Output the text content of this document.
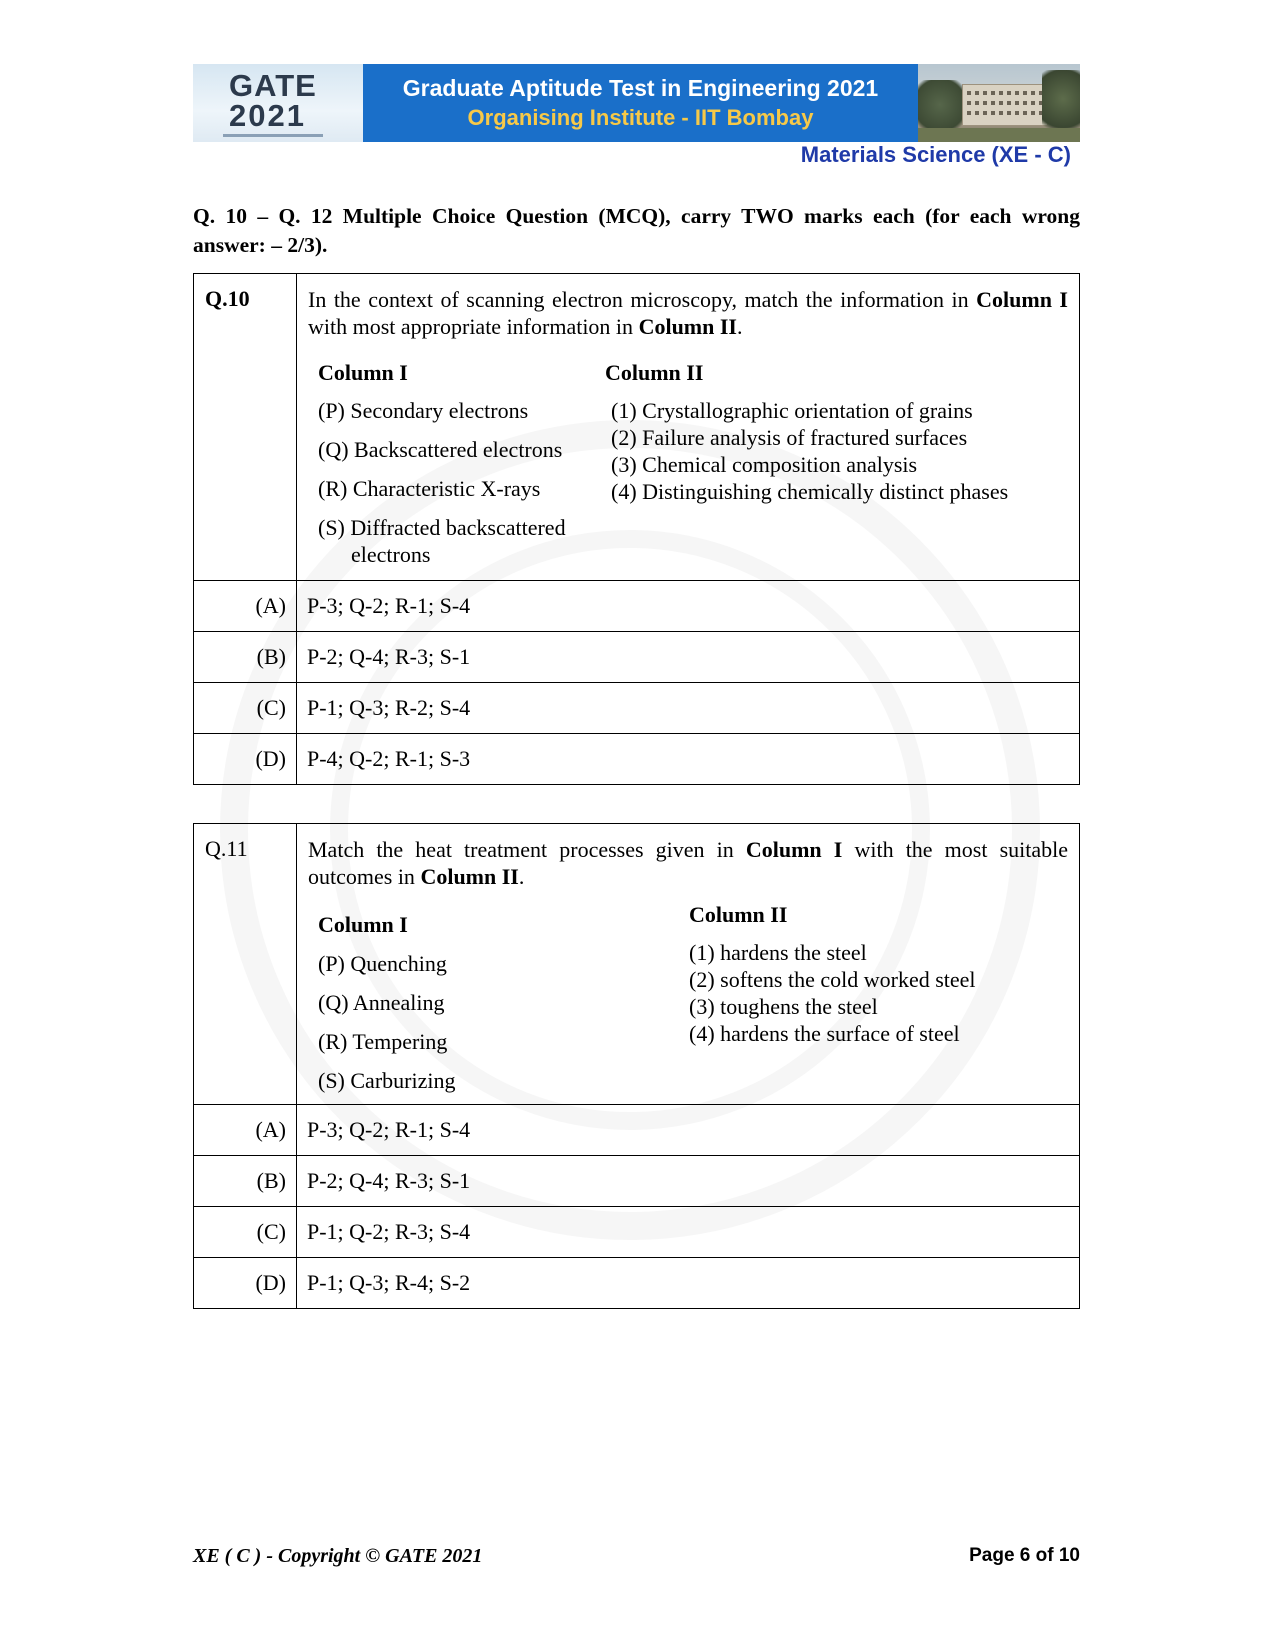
GATE
2021
Graduate Aptitude Test in Engineering 2021
Organising Institute - IIT Bombay
Materials Science (XE - C)
Q. 10 – Q. 12 Multiple Choice Question (MCQ), carry TWO marks each (for each wrong answer: – 2/3).
Q.10	In the context of scanning electron microscopy, match the information in Column I with most appropriate information in Column II.
Column I	Column II
(P) Secondary electrons
(Q) Backscattered electrons
(R) Characteristic X-rays
(S) Diffracted backscattered
electrons
(1) Crystallographic orientation of grains
(2) Failure analysis of fractured surfaces
(3) Chemical composition analysis
(4) Distinguishing chemically distinct phases
(A) P-3; Q-2; R-1; S-4
(B) P-2; Q-4; R-3; S-1
(C) P-1; Q-3; R-2; S-4
(D) P-4; Q-2; R-1; S-3
Q.11	Match the heat treatment processes given in Column I with the most suitable outcomes in Column II.
Column I	Column II
(P) Quenching
(Q) Annealing
(R) Tempering
(S) Carburizing
(1) hardens the steel
(2) softens the cold worked steel
(3) toughens the steel
(4) hardens the surface of steel
(A) P-3; Q-2; R-1; S-4
(B) P-2; Q-4; R-3; S-1
(C) P-1; Q-2; R-3; S-4
(D) P-1; Q-3; R-4; S-2
XE ( C ) - Copyright © GATE 2021	Page 6 of 10
